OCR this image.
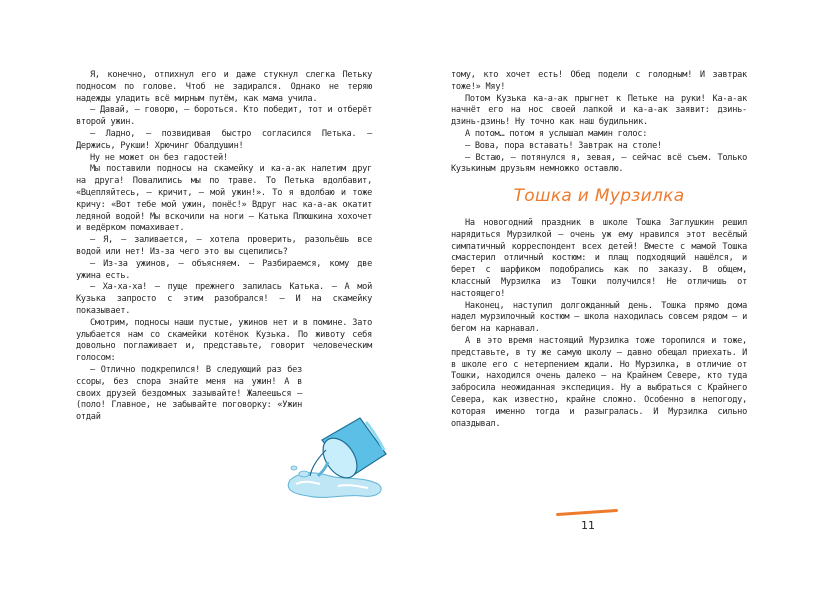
Я, конечно, отпихнул его и даже стукнул слегка Петьку подносом по голове. Чтоб не задирался. Однако не теряю надежды уладить всё мирным путём, как мама учила.

– Давай, – говорю, – бороться. Кто победит, тот и отберёт второй ужин.

– Ладно, – позвидивая быстро согласился Петька. – Держись, Рукши! Хрючинг Обалдушин!

Ну не может он без гадостей!

Мы поставили подносы на скамейку и ка-а-ак налетим друг на друга! Повалились мы по траве. То Петька вдолбавит, «Вцепляйтесь, – кричит, – мой ужин!». То я вдолбаю и тоже кричу: «Вот тебе мой ужин, понёс!» Вдруг нас ка-а-ак окатит ледяной водой! Мы вскочили на ноги – Катька Плюшкина хохочет и ведёрком помахивает.

– Я, – заливается, – хотела проверить, разольёшь все водой или нет! Из-за чего это вы сцепились?

– Из-за ужинов, – объясняем. – Разбираемся, кому две ужина есть.

– Ха-ха-ха! – пуще прежнего залилась Катька. – А мой Кузька запросто с этим разобрался! – И на скамейку показывает.

Смотрим, подносы наши пустые, ужинов нет и в помине. Зато улыбается нам со скамейки котёнок Кузька. По животу себя довольно поглаживает и, представьте, говорит человеческим голосом:

– Отлично подкрепился! В следующий раз без ссоры, без спора знайте меня на ужин! А в своих друзей бездомных зазывайте! Жалеешься – (поло! Главное, не забывайте поговорку: «Ужин отдай

тому, кто хочет есть! Обед подели с голодным! И завтрак тоже!» Мяу!

Потом Кузька ка-а-ак прыгнет к Петьке на руки! Ка-а-ак начнёт его на нос своей лапкой и ка-а-ак заявит: дзинь-дзинь-дзинь! Ну точно как наш будильник.

А потом… потом я услышал мамин голос:

– Вова, пора вставать! Завтрак на столе!

– Встаю, – потянулся я, зевая, – сейчас всё съем. Только Кузькиным друзьям немножко оставлю.

Тошка и Мурзилка

На новогодний праздник в школе Тошка Заглушкин решил нарядиться Мурзилкой – очень уж ему нравился этот весёлый симпатичный корреспондент всех детей! Вместе с мамой Тошка смастерил отличный костюм: и плащ подходящий нашёлся, и берет с шарфиком подобрались как по заказу. В общем, классный Мурзилка из Тошки получился! Не отличишь от настоящего!

Наконец, наступил долгожданный день. Тошка прямо дома надел мурзилочный костюм – школа находилась совсем рядом – и бегом на карнавал.

А в это время настоящий Мурзилка тоже торопился и тоже, представьте, в ту же самую школу – давно обещал приехать. И в школе его с нетерпением ждали. Но Мурзилка, в отличие от Тошки, находился очень далеко – на Крайнем Севере, кто туда забросила неожиданная экспедиция. Ну а выбраться с Крайнего Севера, как известно, крайне сложно. Особенно в непогоду, которая именно тогда и разыгралась. И Мурзилка сильно опаздывал.

11
